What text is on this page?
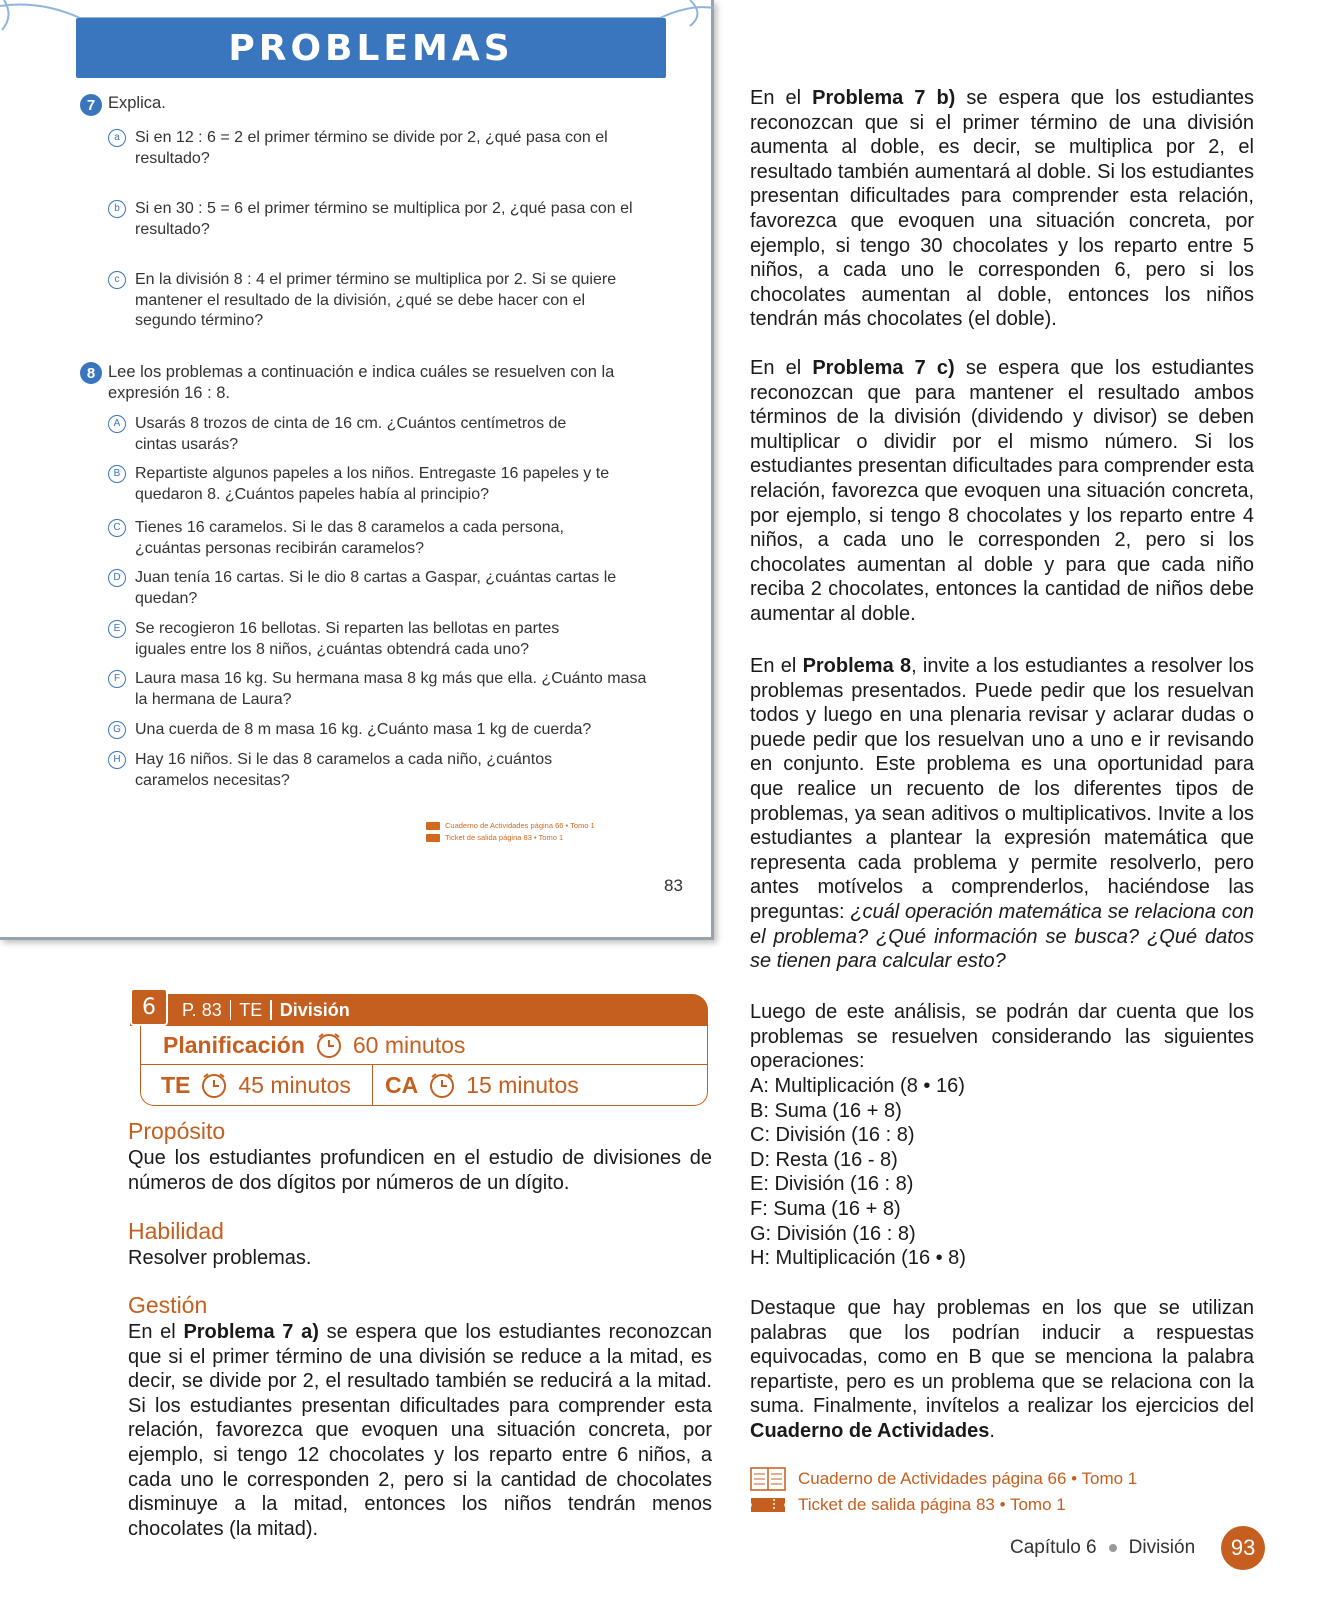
PROBLEMAS
7 Explica.
a Si en 12 : 6 = 2 el primer término se divide por 2, ¿qué pasa con el resultado?
b Si en 30 : 5 = 6 el primer término se multiplica por 2, ¿qué pasa con el resultado?
c En la división 8 : 4 el primer término se multiplica por 2. Si se quiere mantener el resultado de la división, ¿qué se debe hacer con el segundo término?
8 Lee los problemas a continuación e indica cuáles se resuelven con la expresión 16 : 8.
A Usarás 8 trozos de cinta de 16 cm. ¿Cuántos centímetros de cintas usarás?
B Repartiste algunos papeles a los niños. Entregaste 16 papeles y te quedaron 8. ¿Cuántos papeles había al principio?
C Tienes 16 caramelos. Si le das 8 caramelos a cada persona, ¿cuántas personas recibirán caramelos?
D Juan tenía 16 cartas. Si le dio 8 cartas a Gaspar, ¿cuántas cartas le quedan?
E Se recogieron 16 bellotas. Si reparten las bellotas en partes iguales entre los 8 niños, ¿cuántas obtendrá cada uno?
F Laura masa 16 kg. Su hermana masa 8 kg más que ella. ¿Cuánto masa la hermana de Laura?
G Una cuerda de 8 m masa 16 kg. ¿Cuánto masa 1 kg de cuerda?
H Hay 16 niños. Si le das 8 caramelos a cada niño, ¿cuántos caramelos necesitas?
Cuaderno de Actividades página 66 • Tomo 1
Ticket de salida página 83 • Tomo 1
83
P. 83 TE División
6
Planificación 60 minutos
TE 45 minutos CA 15 minutos
Propósito
Que los estudiantes profundicen en el estudio de divisiones de números de dos dígitos por números de un dígito.
Habilidad
Resolver problemas.
Gestión
En el Problema 7 a) se espera que los estudiantes reconozcan que si el primer término de una división se reduce a la mitad, es decir, se divide por 2, el resultado también se reducirá a la mitad. Si los estudiantes presentan dificultades para comprender esta relación, favorezca que evoquen una situación concreta, por ejemplo, si tengo 12 chocolates y los reparto entre 6 niños, a cada uno le corresponden 2, pero si la cantidad de chocolates disminuye a la mitad, entonces los niños tendrán menos chocolates (la mitad).
En el Problema 7 b) se espera que los estudiantes reconozcan que si el primer término de una división aumenta al doble, es decir, se multiplica por 2, el resultado también aumentará al doble. Si los estudiantes presentan dificultades para comprender esta relación, favorezca que evoquen una situación concreta, por ejemplo, si tengo 30 chocolates y los reparto entre 5 niños, a cada uno le corresponden 6, pero si los chocolates aumentan al doble, entonces los niños tendrán más chocolates (el doble).
En el Problema 7 c) se espera que los estudiantes reconozcan que para mantener el resultado ambos términos de la división (dividendo y divisor) se deben multiplicar o dividir por el mismo número. Si los estudiantes presentan dificultades para comprender esta relación, favorezca que evoquen una situación concreta, por ejemplo, si tengo 8 chocolates y los reparto entre 4 niños, a cada uno le corresponden 2, pero si los chocolates aumentan al doble y para que cada niño reciba 2 chocolates, entonces la cantidad de niños debe aumentar al doble.
En el Problema 8, invite a los estudiantes a resolver los problemas presentados. Puede pedir que los resuelvan todos y luego en una plenaria revisar y aclarar dudas o puede pedir que los resuelvan uno a uno e ir revisando en conjunto. Este problema es una oportunidad para que realice un recuento de los diferentes tipos de problemas, ya sean aditivos o multiplicativos. Invite a los estudiantes a plantear la expresión matemática que representa cada problema y permite resolverlo, pero antes motívelos a comprenderlos, haciéndose las preguntas: ¿cuál operación matemática se relaciona con el problema? ¿Qué información se busca? ¿Qué datos se tienen para calcular esto?
Luego de este análisis, se podrán dar cuenta que los problemas se resuelven considerando las siguientes operaciones:
A: Multiplicación (8 • 16)
B: Suma (16 + 8)
C: División (16 : 8)
D: Resta (16 - 8)
E: División (16 : 8)
F: Suma (16 + 8)
G: División (16 : 8)
H: Multiplicación (16 • 8)
Destaque que hay problemas en los que se utilizan palabras que los podrían inducir a respuestas equivocadas, como en B que se menciona la palabra repartiste, pero es un problema que se relaciona con la suma. Finalmente, invítelos a realizar los ejercicios del Cuaderno de Actividades.
Cuaderno de Actividades página 66 • Tomo 1
Ticket de salida página 83 • Tomo 1
Capítulo 6 División	93
